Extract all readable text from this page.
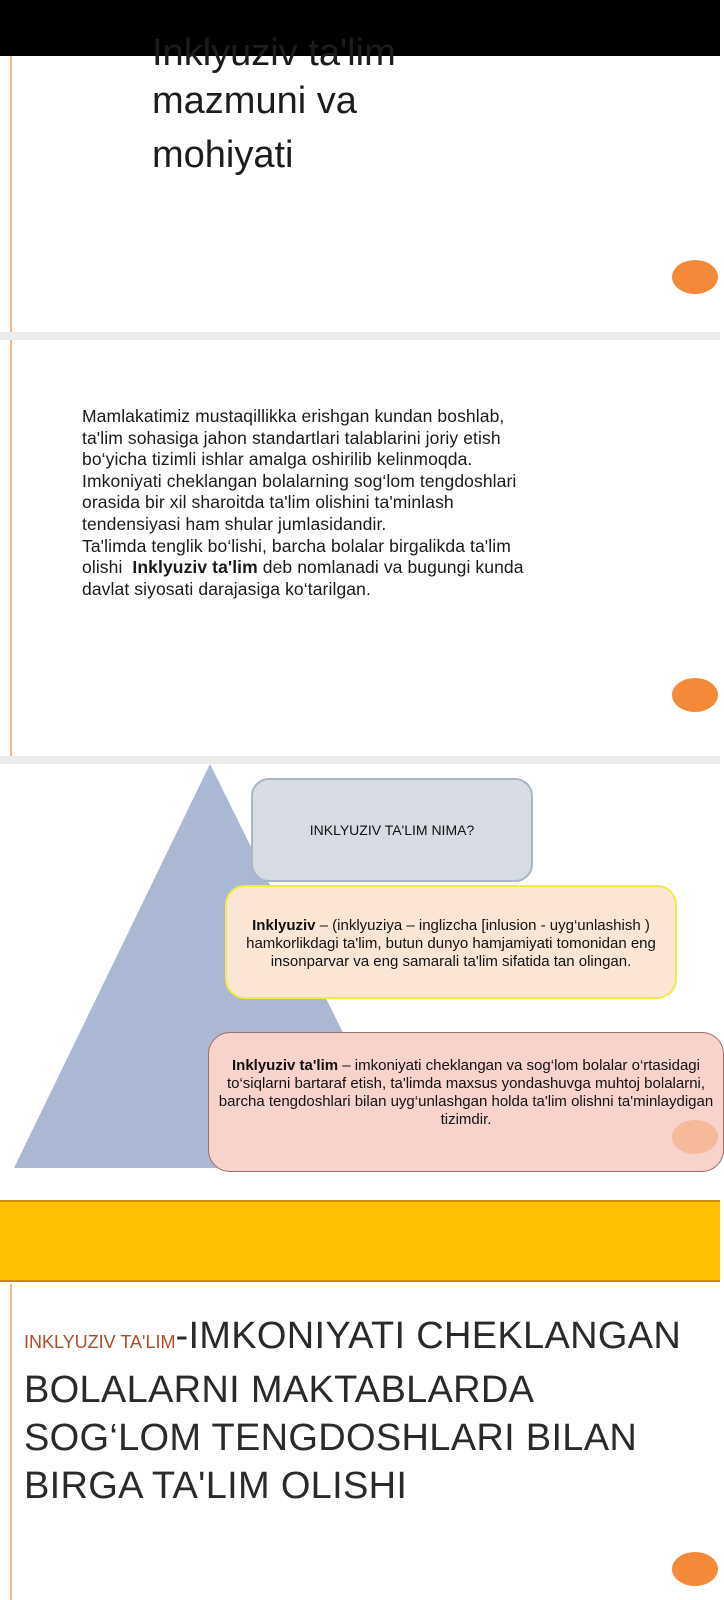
Inklyuziv ta'lim
mazmuni va
mohiyati

Mamlakatimiz mustaqillikka erishgan kundan boshlab,

ta'lim sohasiga jahon standartlari talablarini joriy etish

bo‘yicha tizimli ishlar amalga oshirilib kelinmoqda.

Imkoniyati cheklangan bolalarning sog‘lom tengdoshlari

orasida bir xil sharoitda ta'lim olishini ta'minlash

tendensiyasi ham shular jumlasidandir.

Ta'limda tenglik bo‘lishi, barcha bolalar birgalikda ta'lim

olishi  Inklyuziv ta'lim deb nomlanadi va bugungi kunda

davlat siyosati darajasiga ko‘tarilgan.

INKLYUZIV TA'LIM NIMA?
Inklyuziv – (inklyuziya – inglizcha [inlusion - uyg‘unlashish ) hamkorlikdagi ta'lim, butun dunyo hamjamiyati tomonidan eng insonparvar va eng samarali ta'lim sifatida tan olingan.
Inklyuziv ta'lim – imkoniyati cheklangan va sog‘lom bolalar o‘rtasidagi to‘siqlarni bartaraf etish, ta'limda maxsus yondashuvga muhtoj bolalarni, barcha tengdoshlari bilan uyg‘unlashgan holda ta'lim olishni ta'minlaydigan tizimdir.
INKLYUZIV TA'LIM-IMKONIYATI CHEKLANGAN BOLALARNI MAKTABLARDA SOG‘LOM TENGDOSHLARI BILAN BIRGA TA'LIM OLISHI
